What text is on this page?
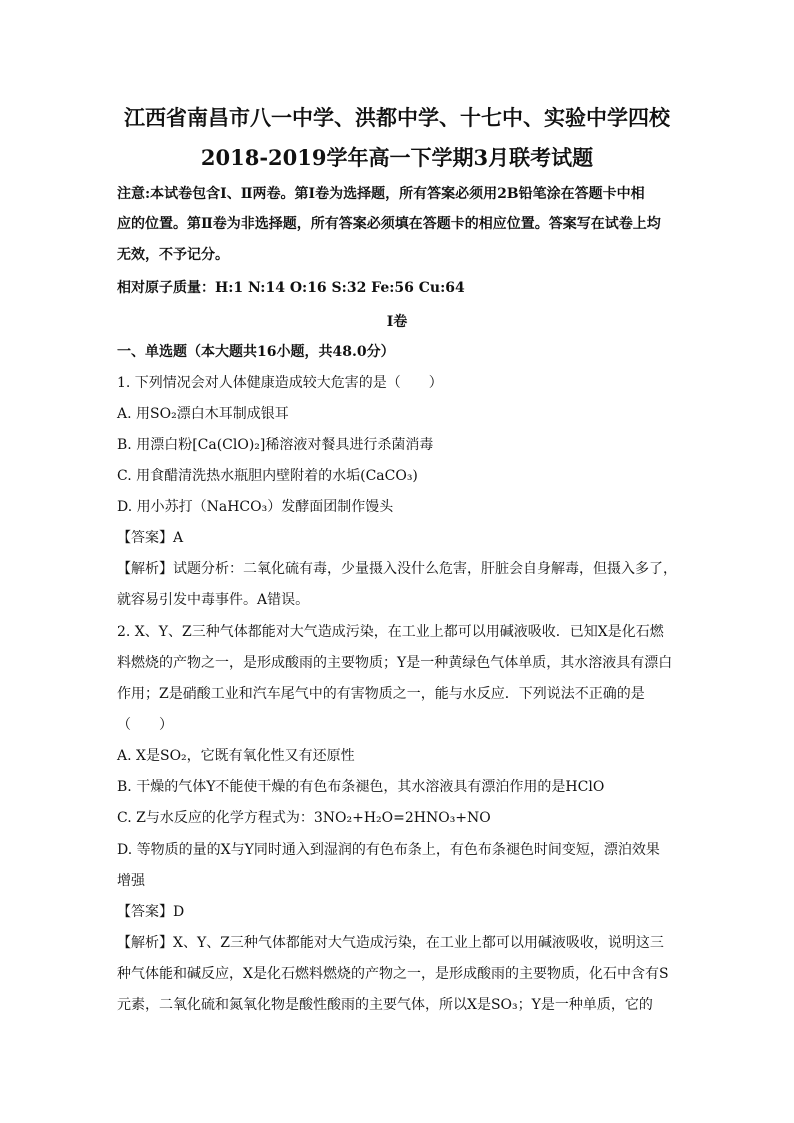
江西省南昌市八一中学、洪都中学、十七中、实验中学四校
2018-2019学年高一下学期3月联考试题
注意:本试卷包含Ⅰ、Ⅱ两卷。第Ⅰ卷为选择题，所有答案必须用2B铅笔涂在答题卡中相
应的位置。第Ⅱ卷为非选择题，所有答案必须填在答题卡的相应位置。答案写在试卷上均
无效，不予记分。
相对原子质量：H:1 N:14 O:16 S:32 Fe:56 Cu:64
Ⅰ卷
一、单选题（本大题共16小题，共48.0分）
1. 下列情况会对人体健康造成较大危害的是（　　）
A. 用SO₂漂白木耳制成银耳
B. 用漂白粉[Ca(ClO)₂]稀溶液对餐具进行杀菌消毒
C. 用食醋清洗热水瓶胆内壁附着的水垢(CaCO₃)
D. 用小苏打（NaHCO₃）发酵面团制作馒头
【答案】A
【解析】试题分析：二氧化硫有毒，少量摄入没什么危害，肝脏会自身解毒，但摄入多了，
就容易引发中毒事件。A错误。
2. X、Y、Z三种气体都能对大气造成污染，在工业上都可以用碱液吸收．已知X是化石燃
料燃烧的产物之一，是形成酸雨的主要物质；Y是一种黄绿色气体单质，其水溶液具有漂白
作用；Z是硝酸工业和汽车尾气中的有害物质之一，能与水反应．下列说法不正确的是
（　　）
A. X是SO₂，它既有氧化性又有还原性
B. 干燥的气体Y不能使干燥的有色布条褪色，其水溶液具有漂泊作用的是HClO
C. Z与水反应的化学方程式为：3NO₂+H₂O=2HNO₃+NO
D. 等物质的量的X与Y同时通入到湿润的有色布条上，有色布条褪色时间变短，漂泊效果
增强
【答案】D
【解析】X、Y、Z三种气体都能对大气造成污染，在工业上都可以用碱液吸收，说明这三
种气体能和碱反应，X是化石燃料燃烧的产物之一，是形成酸雨的主要物质，化石中含有S
元素，二氧化硫和氮氧化物是酸性酸雨的主要气体，所以X是SO₃；Y是一种单质，它的
